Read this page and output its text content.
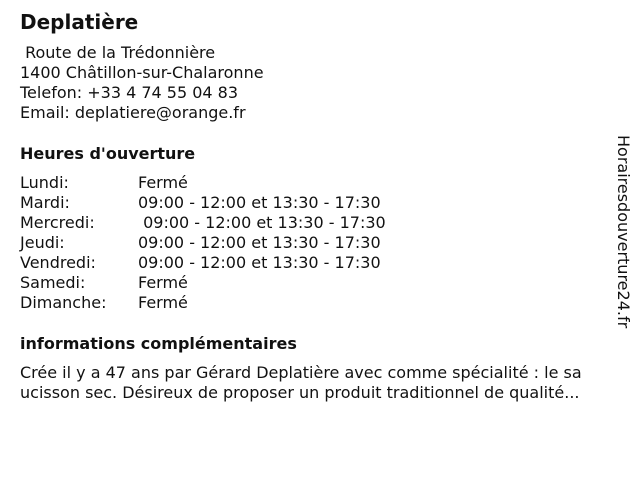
Deplatière
Route de la Trédonnière
1400 Châtillon-sur-Chalaronne
Telefon: +33 4 74 55 04 83
Email: deplatiere@orange.fr
Heures d'ouverture
Lundi:	Fermé
Mardi:	09:00 - 12:00 et 13:30 - 17:30
Mercredi:	09:00 - 12:00 et 13:30 - 17:30
Jeudi:	09:00 - 12:00 et 13:30 - 17:30
Vendredi:	09:00 - 12:00 et 13:30 - 17:30
Samedi:	Fermé
Dimanche: Fermé
informations complémentaires
Crée il y a 47 ans par Gérard Deplatière avec comme spécialité : le sa
ucisson sec. Désireux de proposer un produit traditionnel de qualité...
Horairesdouverture24.fr
